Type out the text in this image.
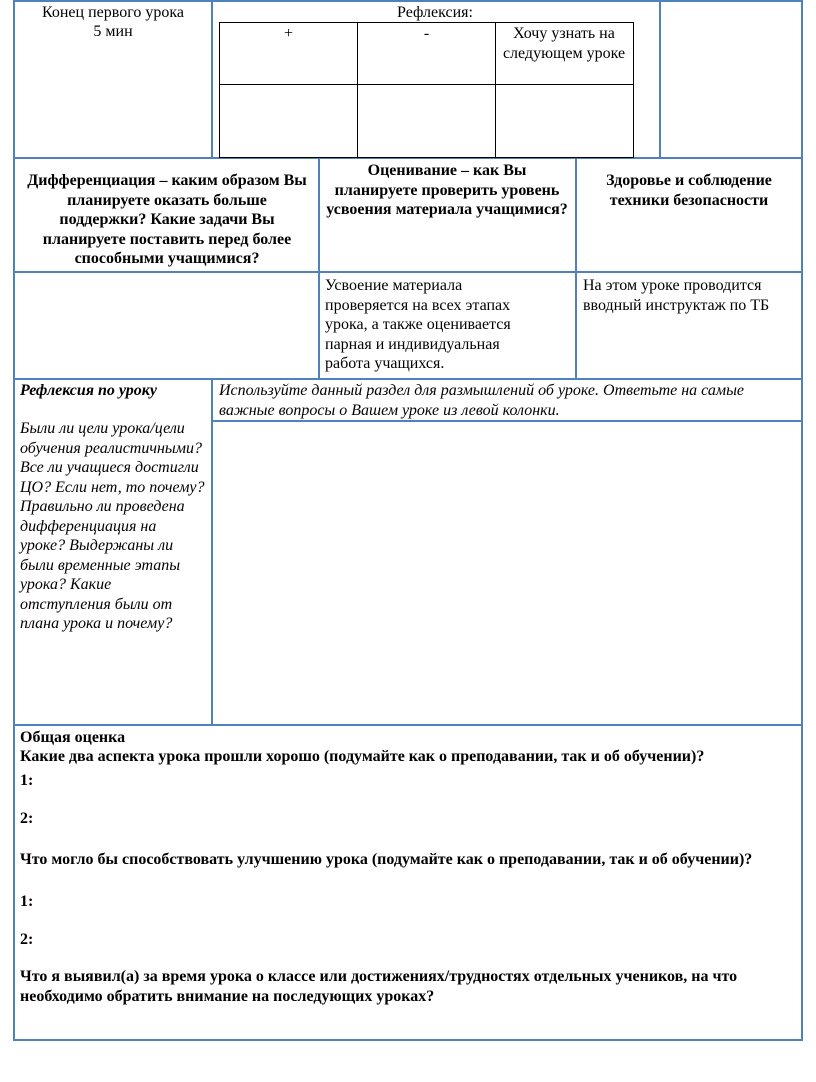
Конец первого урока
5 мин
Рефлексия:
+	-	Хочу узнать на следующем уроке
Дифференциация – каким образом Вы планируете оказать больше поддержки? Какие задачи Вы планируете поставить перед более способными учащимися?
Оценивание – как Вы планируете проверить уровень усвоения материала учащимися?
Здоровье и соблюдение техники безопасности
Усвоение материала проверяется на всех этапах урока, а также оценивается парная и индивидуальная работа учащихся.
На этом уроке проводится вводный инструктаж по ТБ
Рефлексия по уроку
Были ли цели урока/цели обучения реалистичными? Все ли учащиеся достигли ЦО? Если нет, то почему? Правильно ли проведена дифференциация на уроке? Выдержаны ли были временные этапы урока? Какие отступления были от плана урока и почему?
Используйте данный раздел для размышлений об уроке. Ответьте на самые важные вопросы о Вашем уроке из левой колонки.
Общая оценка
Какие два аспекта урока прошли хорошо (подумайте как о преподавании, так и об обучении)?
1:
2:
Что могло бы способствовать улучшению урока (подумайте как о преподавании, так и об обучении)?
1:
2:
Что я выявил(а) за время урока о классе или достижениях/трудностях отдельных учеников, на что необходимо обратить внимание на последующих уроках?
